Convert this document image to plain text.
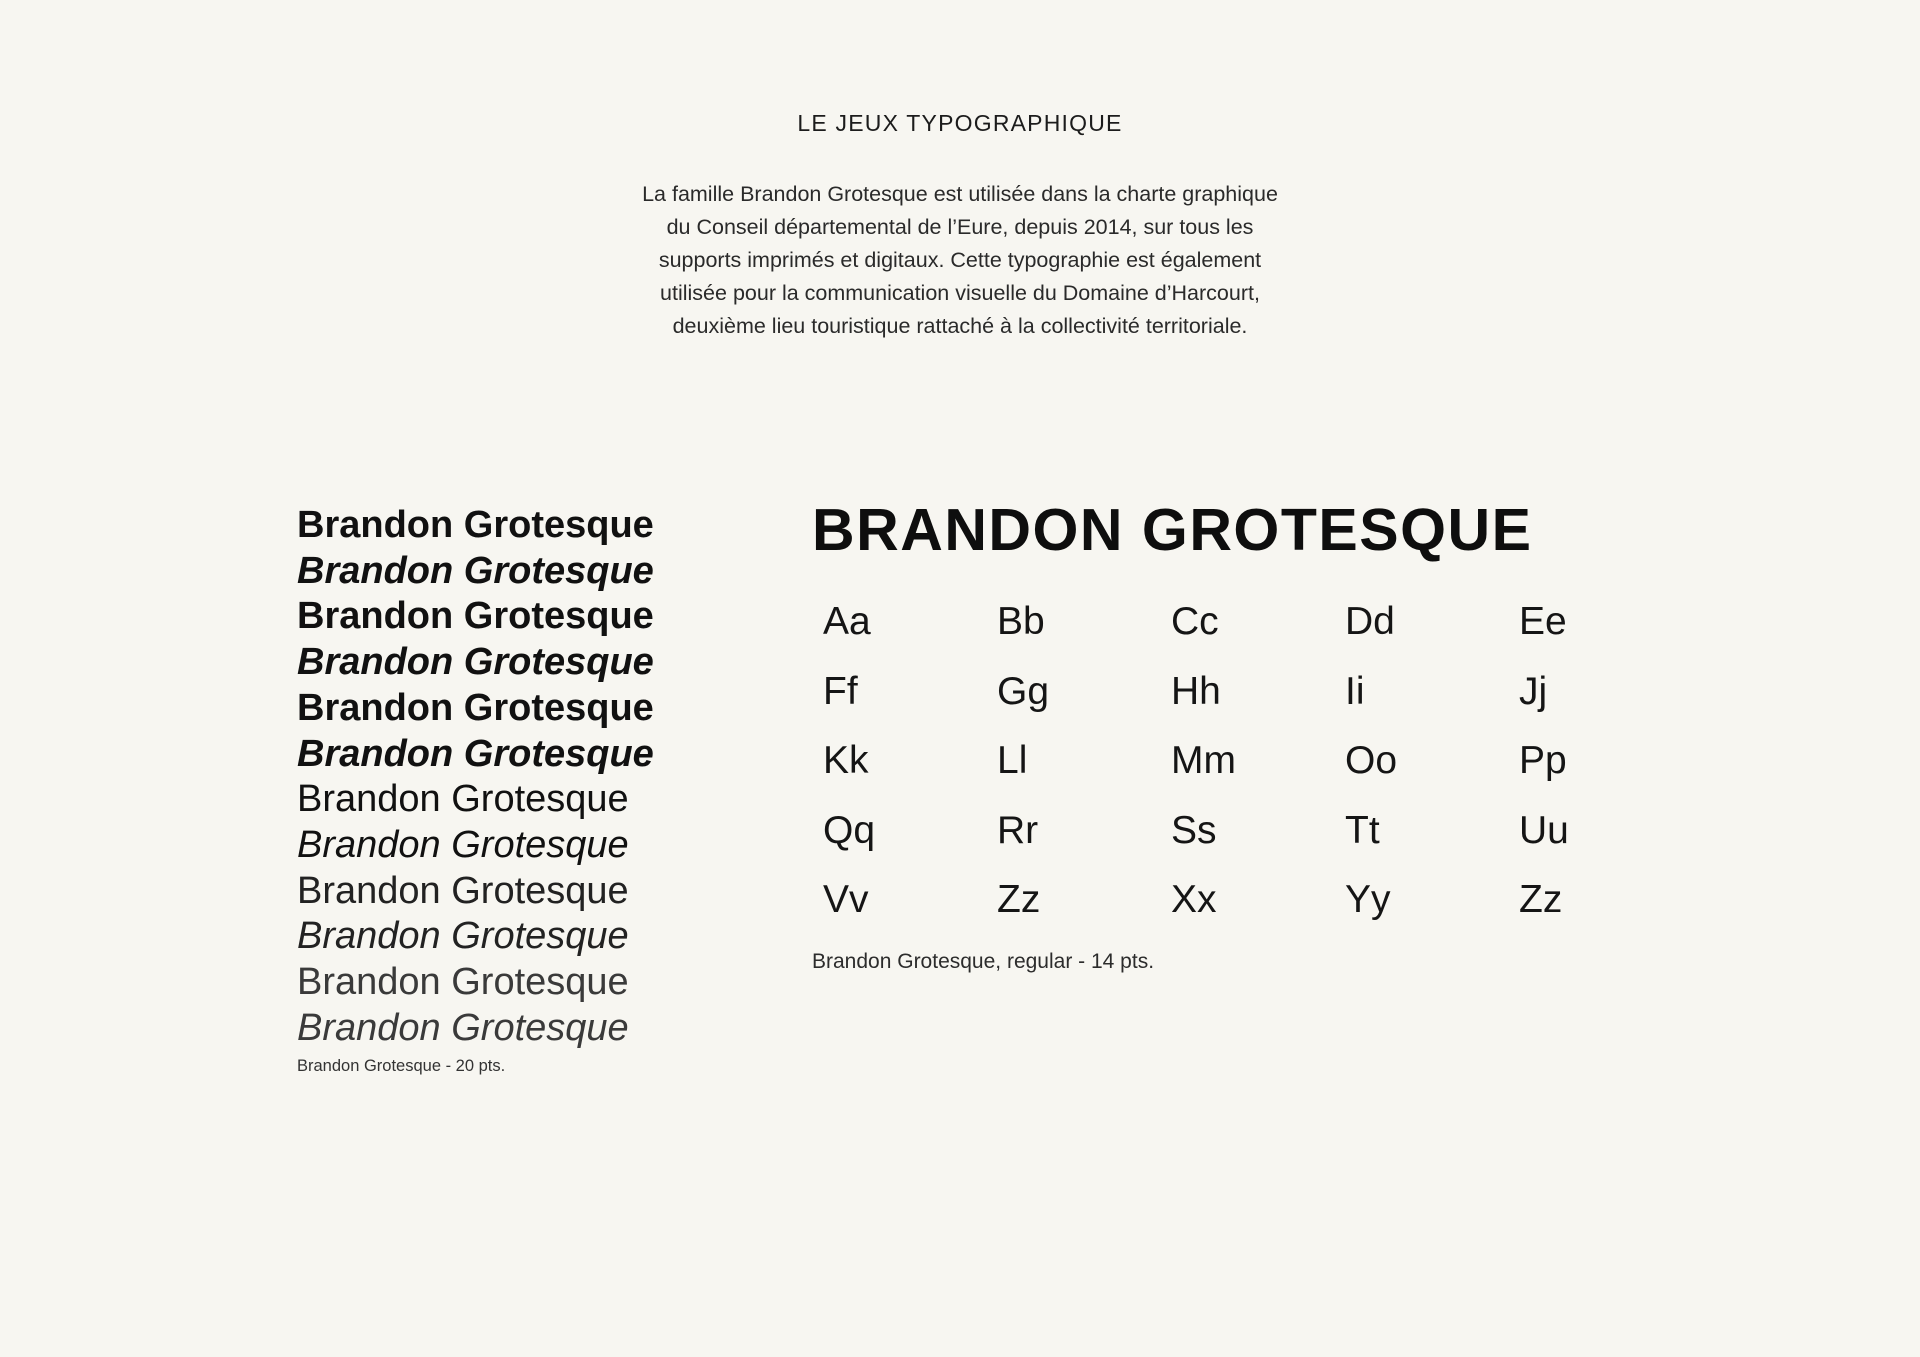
LE JEUX TYPOGRAPHIQUE

La famille Brandon Grotesque est utilisée dans la charte graphique

du Conseil départemental de l’Eure, depuis 2014, sur tous les

supports imprimés et digitaux. Cette typographie est également

utilisée pour la communication visuelle du Domaine d’Harcourt,

deuxième lieu touristique rattaché à la collectivité territoriale.

Brandon Grotesque
Brandon Grotesque
Brandon Grotesque
Brandon Grotesque
Brandon Grotesque
Brandon Grotesque
Brandon Grotesque
Brandon Grotesque
Brandon Grotesque
Brandon Grotesque
Brandon Grotesque
Brandon Grotesque
Brandon Grotesque - 20 pts.
BRANDON GROTESQUE
Aa	Bb	Cc	Dd	Ee
Ff	Gg	Hh	Ii	Jj
Kk	Ll	Mm	Oo	Pp
Qq	Rr	Ss	Tt	Uu
Vv	Zz	Xx	Yy	Zz
Brandon Grotesque, regular - 14 pts.
